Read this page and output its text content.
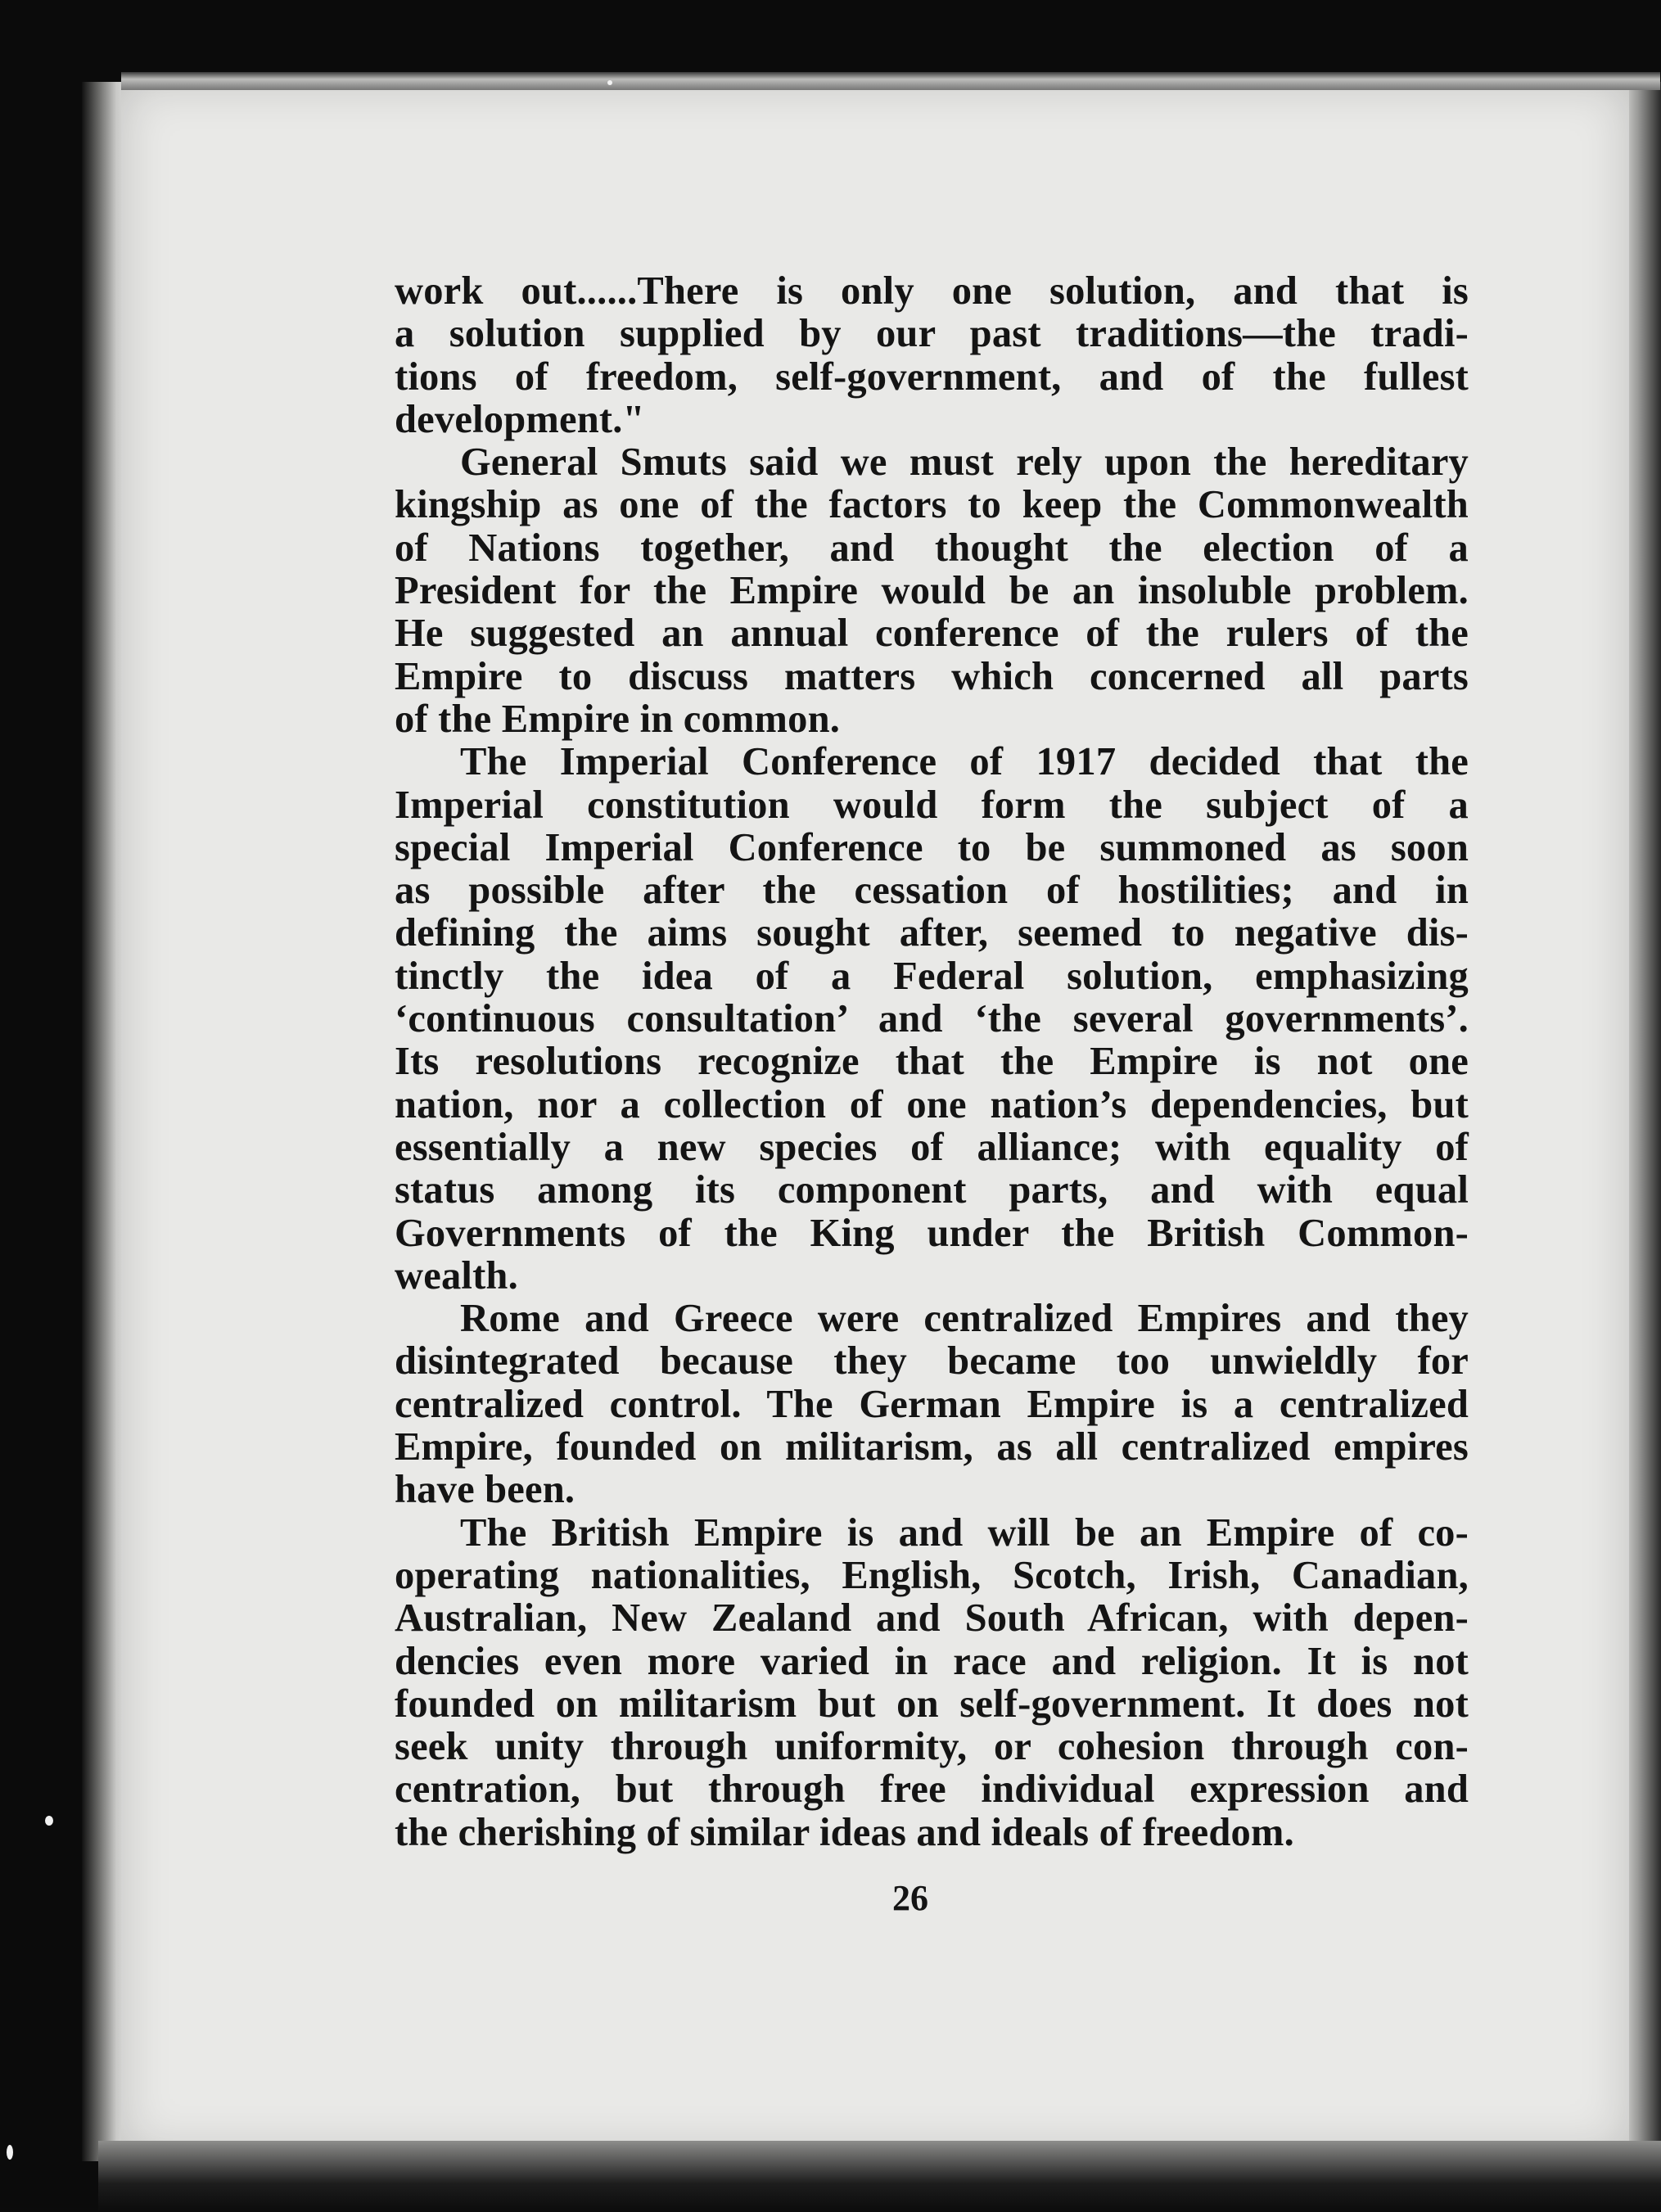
work out......There is only one solution, and that is
a solution supplied by our past traditions—the tradi-
tions of freedom, self-government, and of the fullest
development."
General Smuts said we must rely upon the hereditary
kingship as one of the factors to keep the Commonwealth
of Nations together, and thought the election of a
President for the Empire would be an insoluble problem.
He suggested an annual conference of the rulers of the
Empire to discuss matters which concerned all parts
of the Empire in common.
The Imperial Conference of 1917 decided that the
Imperial constitution would form the subject of a
special Imperial Conference to be summoned as soon
as possible after the cessation of hostilities; and in
defining the aims sought after, seemed to negative dis-
tinctly the idea of a Federal solution, emphasizing
‘continuous consultation’ and ‘the several governments’.
Its resolutions recognize that the Empire is not one
nation, nor a collection of one nation’s dependencies, but
essentially a new species of alliance; with equality of
status among its component parts, and with equal
Governments of the King under the British Common-
wealth.
Rome and Greece were centralized Empires and they
disintegrated because they became too unwieldly for
centralized control. The German Empire is a centralized
Empire, founded on militarism, as all centralized empires
have been.
The British Empire is and will be an Empire of co-
operating nationalities, English, Scotch, Irish, Canadian,
Australian, New Zealand and South African, with depen-
dencies even more varied in race and religion. It is not
founded on militarism but on self-government. It does not
seek unity through uniformity, or cohesion through con-
centration, but through free individual expression and
the cherishing of similar ideas and ideals of freedom.
26
